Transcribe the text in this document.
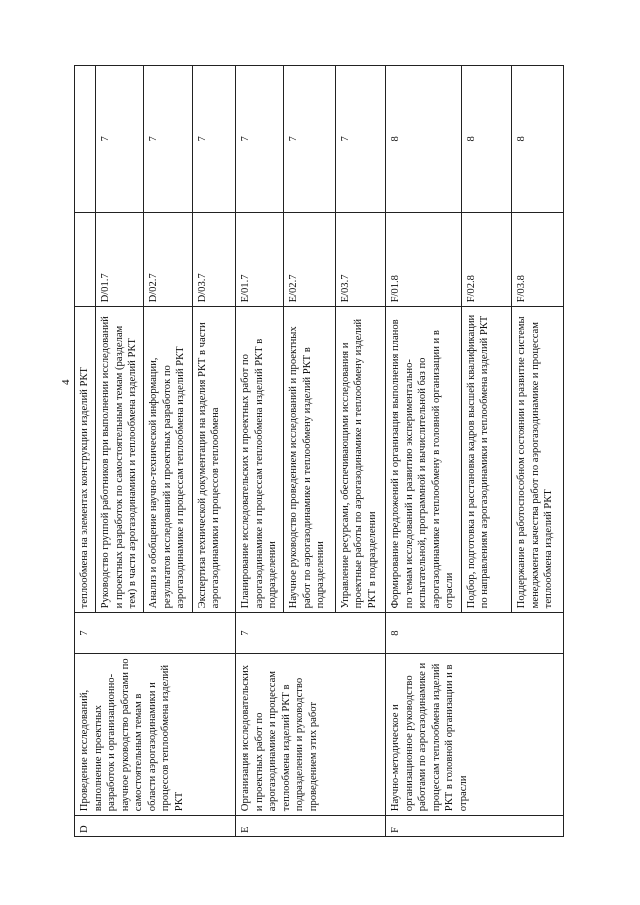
4
D	Проведение исследований, выполнение проектных разработок и организационно-научное руководство работами по самостоятельным темам в области аэрогазодинамики и процессов теплообмена изделий РКТ	7	теплообмена на элементах конструкции изделий РКТ		
			Руководство группой работников при выполнении исследований и проектных разработок по самостоятельным темам (разделам тем) в части аэрогазодинамики и теплообмена изделий РКТ	D/01.7	7
			Анализ и обобщение научно-технической информации, результатов исследований и проектных разработок по аэрогазодинамике и процессам теплообмена изделий РКТ	D/02.7	7
			Экспертиза технической документации на изделия РКТ в части аэрогазодинамики и процессов теплообмена	D/03.7	7
E	Организация исследовательских и проектных работ по аэрогазодинамике и процессам теплообмена изделий РКТ в подразделении и руководство проведением этих работ	7	Планирование исследовательских и проектных работ по аэрогазодинамике и процессам теплообмена изделий РКТ в подразделении	E/01.7	7
			Научное руководство проведением исследований и проектных работ по аэрогазодинамике и теплообмену изделий РКТ в подразделении	E/02.7	7
			Управление ресурсами, обеспечивающими исследования и проектные работы по аэрогазодинамике и теплообмену изделий РКТ в подразделении	E/03.7	7
F	Научно-методическое и организационное руководство работами по аэрогазодинамике и процессам теплообмена изделий РКТ в головной организации и в отрасли	8	Формирование предложений и организация выполнения планов по темам исследований и развитию экспериментально-испытательной, программной и вычислительной баз по аэрогазодинамике и теплообмену в головной организации и в отрасли	F/01.8	8
			Подбор, подготовка и расстановка кадров высшей квалификации по направлениям аэрогазодинамики и теплообмена изделий РКТ	F/02.8	8
			Поддержание в работоспособном состоянии и развитие системы менеджмента качества работ по аэрогазодинамике и процессам теплообмена изделий РКТ	F/03.8	8
